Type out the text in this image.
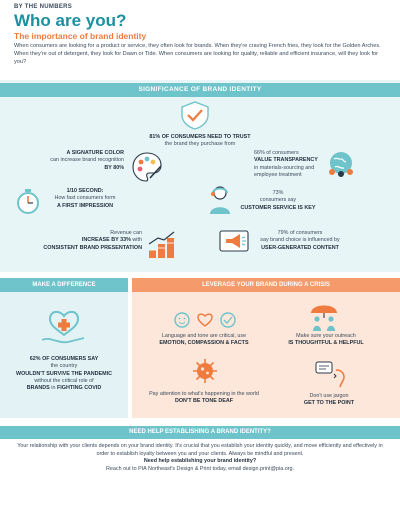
BY THE NUMBERS
Who are you?
The importance of brand identity
When consumers are looking for a product or service, they often look for brands. When they're craving French fries, they look for the Golden Arches. When they're out of detergent, they look for Dawn or Tide. When consumers are looking for quality, reliable and efficient insurance, will they look for you?
SIGNIFICANCE OF BRAND IDENTITY
81% OF CONSUMERS NEED TO TRUST
the brand they purchase from
A SIGNATURE COLOR
can increase brand recognition
BY 80%
66% of consumers
VALUE TRANSPARENCY
in materials-sourcing and employee treatment
1/10 SECOND:
How fast consumers form
A FIRST IMPRESSION
73%
consumers say
CUSTOMER SERVICE IS KEY
Revenue can
INCREASE BY 33% with
CONSISTENT BRAND PRESENTATION
79% of consumers
say brand choice is influenced by
USER-GENERATED CONTENT
MAKE A DIFFERENCE
62% OF CONSUMERS SAY
the country
WOULDN'T SURVIVE THE PANDEMIC
without the critical role of
BRANDS in FIGHTING COVID
LEVERAGE YOUR BRAND DURING A CRISIS
Language and tone are critical, use
EMOTION, COMPASSION & FACTS
Make sure your outreach
IS THOUGHTFUL & HELPFUL
Pay attention to what's happening in the world
DON'T BE TONE DEAF
Don't use jargon
GET TO THE POINT
NEED HELP ESTABLISHING A BRAND IDENTITY?
Your relationship with your clients depends on your brand identity. It's crucial that you establish your identity quickly, and move efficiently and effectively in order to establish loyalty between you and your clients. Always be mindful and present.
Need help establishing your brand identity?
Reach out to PIA Northeast's Design & Print today, email design.print@pia.org.
